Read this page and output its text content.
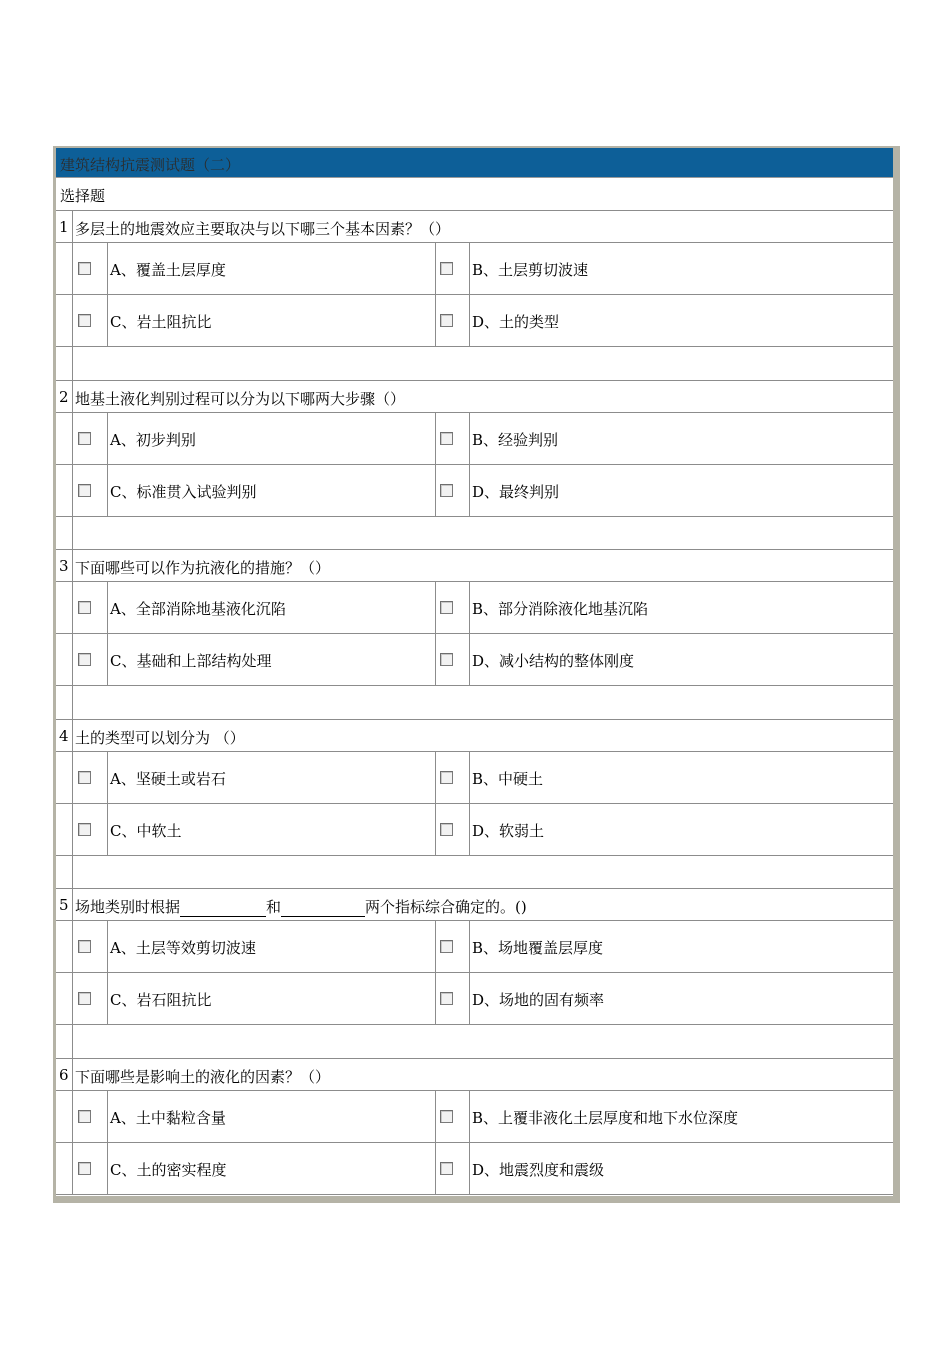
建筑结构抗震测试题（二）
选择题
1 多层土的地震效应主要取决与以下哪三个基本因素？（）
A、覆盖土层厚度	B、土层剪切波速
C、岩土阻抗比	D、土的类型
2 地基土液化判别过程可以分为以下哪两大步骤（）
A、初步判别	B、经验判别
C、标准贯入试验判别	D、最终判别
3 下面哪些可以作为抗液化的措施？（）
A、全部消除地基液化沉陷	B、部分消除液化地基沉陷
C、基础和上部结构处理	D、减小结构的整体刚度
4 土的类型可以划分为 （）
A、坚硬土或岩石	B、中硬土
C、中软土	D、软弱土
5 场地类别时根据	和	两个指标综合确定的。()
A、土层等效剪切波速	B、场地覆盖层厚度
C、岩石阻抗比	D、场地的固有频率
6 下面哪些是影响土的液化的因素？（）
A、土中黏粒含量	B、上覆非液化土层厚度和地下水位深度
C、土的密实程度	D、地震烈度和震级
